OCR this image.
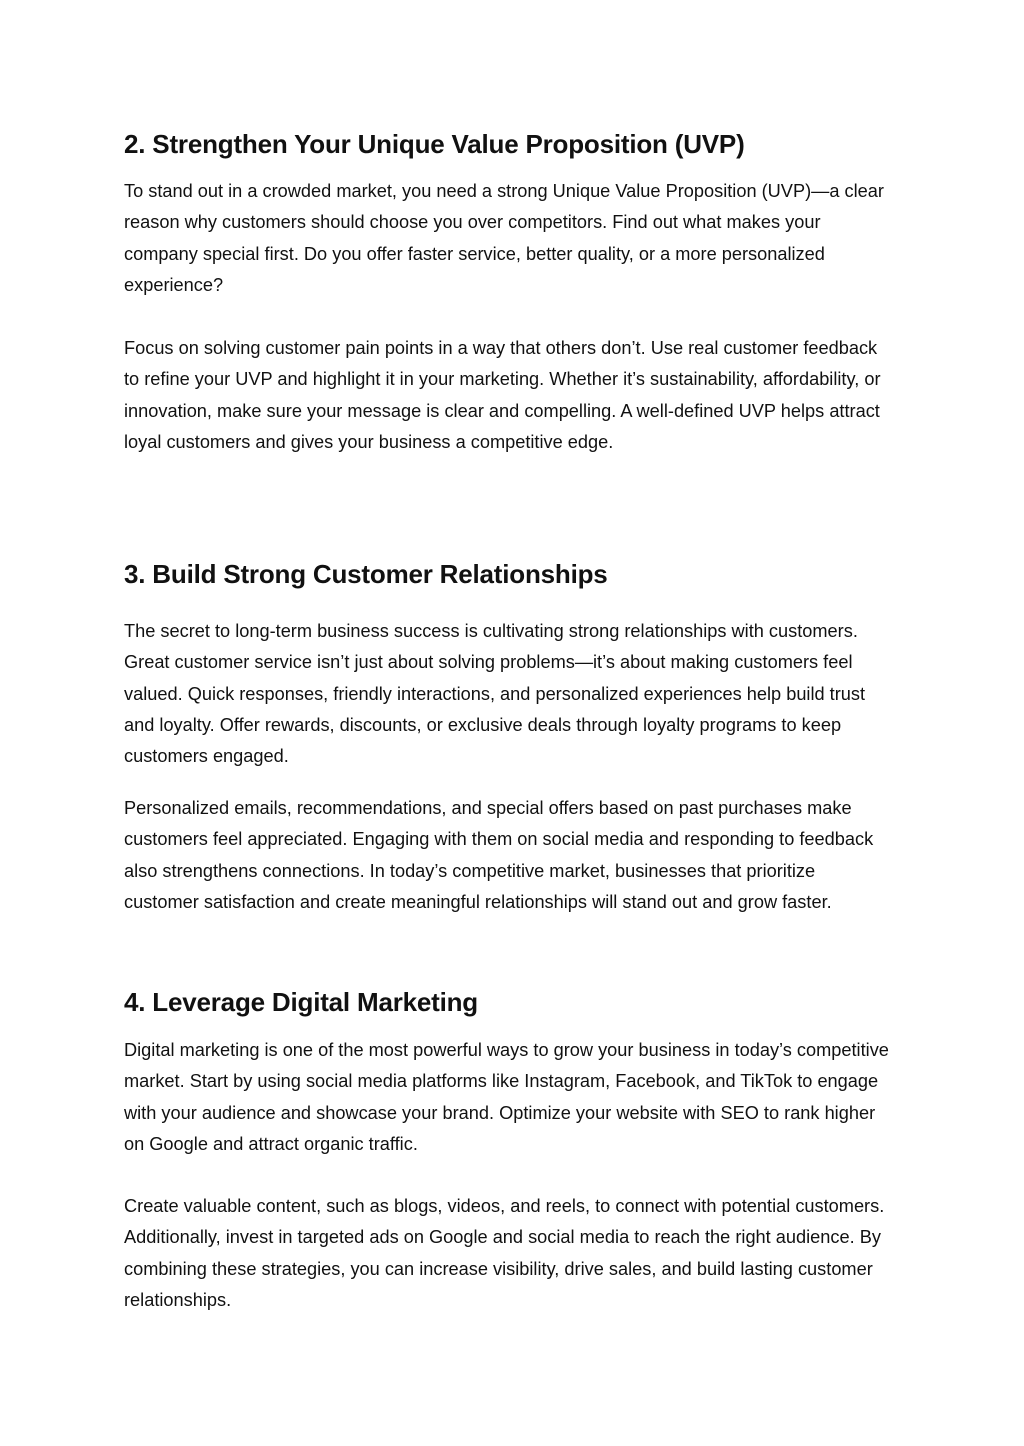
2. Strengthen Your Unique Value Proposition (UVP)

To stand out in a crowded market, you need a strong Unique Value Proposition (UVP)—a clear reason why customers should choose you over competitors. Find out what makes your company special first. Do you offer faster service, better quality, or a more personalized experience?

Focus on solving customer pain points in a way that others don’t. Use real customer feedback to refine your UVP and highlight it in your marketing. Whether it’s sustainability, affordability, or innovation, make sure your message is clear and compelling. A well-defined UVP helps attract loyal customers and gives your business a competitive edge.

3. Build Strong Customer Relationships

The secret to long-term business success is cultivating strong relationships with customers. Great customer service isn’t just about solving problems—it’s about making customers feel valued. Quick responses, friendly interactions, and personalized experiences help build trust and loyalty. Offer rewards, discounts, or exclusive deals through loyalty programs to keep customers engaged.

Personalized emails, recommendations, and special offers based on past purchases make customers feel appreciated. Engaging with them on social media and responding to feedback also strengthens connections. In today’s competitive market, businesses that prioritize customer satisfaction and create meaningful relationships will stand out and grow faster.

4. Leverage Digital Marketing

Digital marketing is one of the most powerful ways to grow your business in today’s competitive market. Start by using social media platforms like Instagram, Facebook, and TikTok to engage with your audience and showcase your brand. Optimize your website with SEO to rank higher on Google and attract organic traffic.

Create valuable content, such as blogs, videos, and reels, to connect with potential customers. Additionally, invest in targeted ads on Google and social media to reach the right audience. By combining these strategies, you can increase visibility, drive sales, and build lasting customer relationships.
